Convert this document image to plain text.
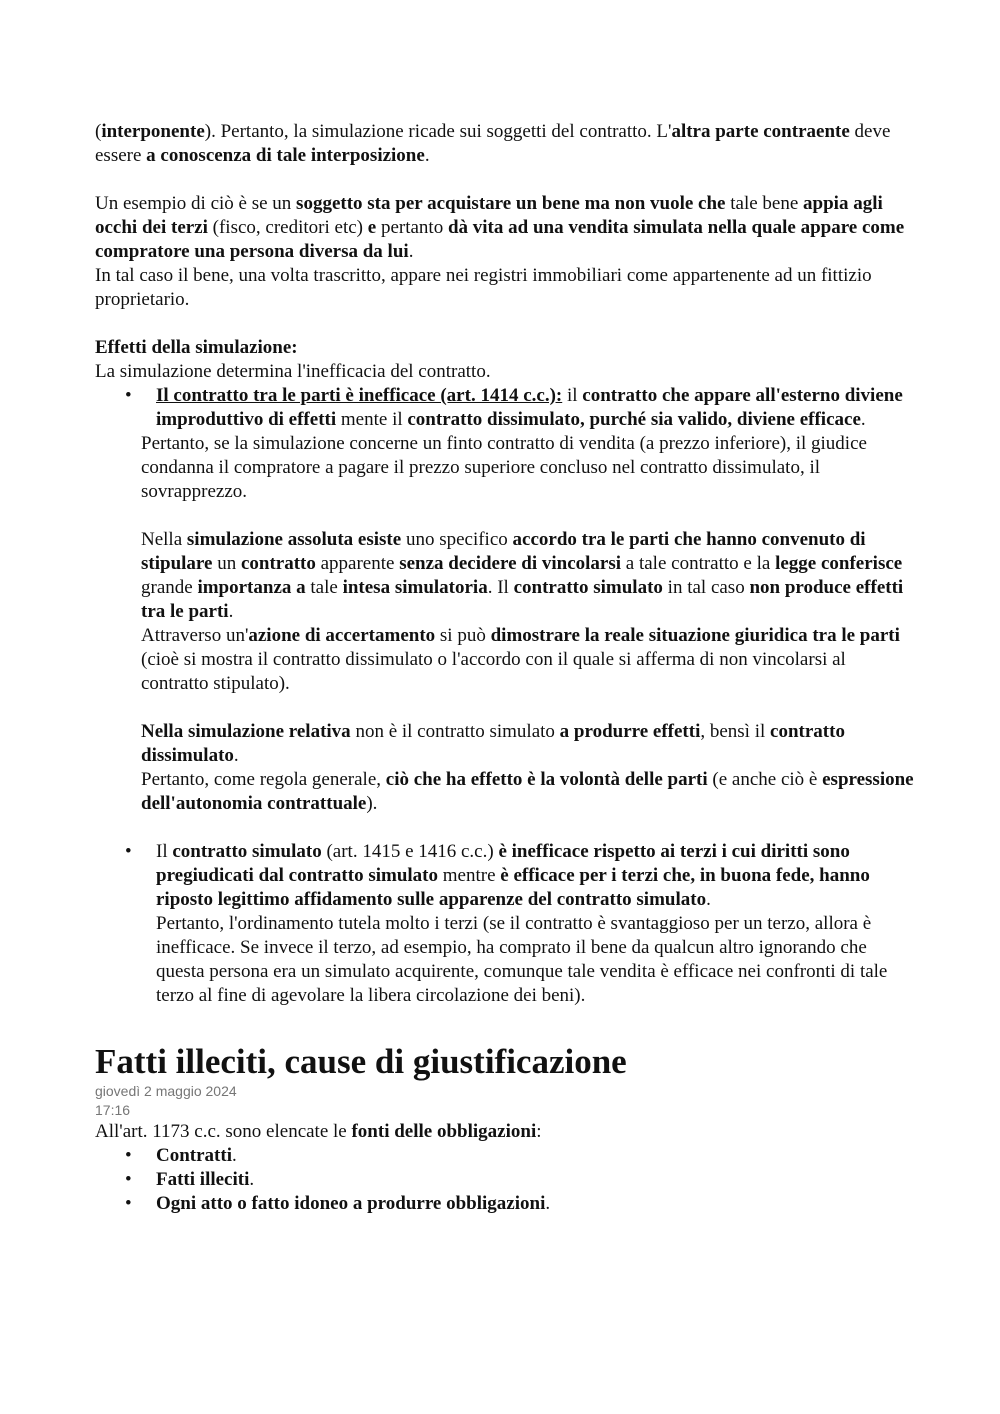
(interponente). Pertanto, la simulazione ricade sui soggetti del contratto. L'altra parte contraente deve essere a conoscenza di tale interposizione.

Un esempio di ciò è se un soggetto sta per acquistare un bene ma non vuole che tale bene appia agli occhi dei terzi (fisco, creditori etc) e pertanto dà vita ad una vendita simulata nella quale appare come compratore una persona diversa da lui.

In tal caso il bene, una volta trascritto, appare nei registri immobiliari come appartenente ad un fittizio proprietario.

Effetti della simulazione:

La simulazione determina l'inefficacia del contratto.

• Il contratto tra le parti è inefficace (art. 1414 c.c.): il contratto che appare all'esterno diviene improduttivo di effetti mente il contratto dissimulato, purché sia valido, diviene efficace.

Pertanto, se la simulazione concerne un finto contratto di vendita (a prezzo inferiore), il giudice condanna il compratore a pagare il prezzo superiore concluso nel contratto dissimulato, il sovrapprezzo.

Nella simulazione assoluta esiste uno specifico accordo tra le parti che hanno convenuto di stipulare un contratto apparente senza decidere di vincolarsi a tale contratto e la legge conferisce grande importanza a tale intesa simulatoria. Il contratto simulato in tal caso non produce effetti tra le parti.

Attraverso un'azione di accertamento si può dimostrare la reale situazione giuridica tra le parti (cioè si mostra il contratto dissimulato o l'accordo con il quale si afferma di non vincolarsi al contratto stipulato).

Nella simulazione relativa non è il contratto simulato a produrre effetti, bensì il contratto dissimulato.

Pertanto, come regola generale, ciò che ha effetto è la volontà delle parti (e anche ciò è espressione dell'autonomia contrattuale).

• Il contratto simulato (art. 1415 e 1416 c.c.) è inefficace rispetto ai terzi i cui diritti sono pregiudicati dal contratto simulato mentre è efficace per i terzi che, in buona fede, hanno riposto legittimo affidamento sulle apparenze del contratto simulato.
Pertanto, l'ordinamento tutela molto i terzi (se il contratto è svantaggioso per un terzo, allora è inefficace. Se invece il terzo, ad esempio, ha comprato il bene da qualcun altro ignorando che questa persona era un simulato acquirente, comunque tale vendita è efficace nei confronti di tale terzo al fine di agevolare la libera circolazione dei beni).
Fatti illeciti, cause di giustificazione
giovedì 2 maggio 2024
17:16

All'art. 1173 c.c. sono elencate le fonti delle obbligazioni:

• Contratti.
• Fatti illeciti.
• Ogni atto o fatto idoneo a produrre obbligazioni.
